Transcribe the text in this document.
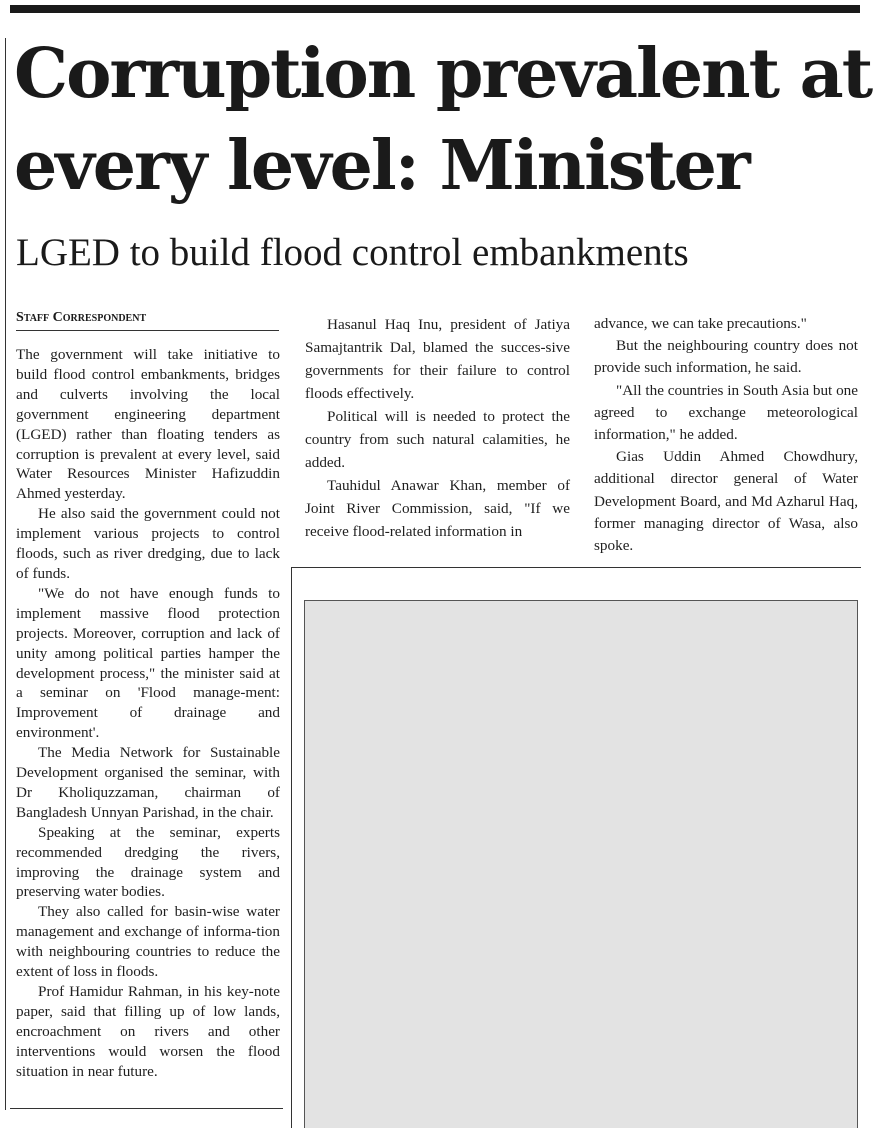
Corruption prevalent at every level: Minister
LGED to build flood control embankments
Staff Correspondent

The government will take initiative to build flood control embankments, bridges and culverts involving the local government engineering department (LGED) rather than floating tenders as corruption is prevalent at every level, said Water Resources Minister Hafizuddin Ahmed yesterday.

He also said the government could not implement various projects to control floods, such as river dredging, due to lack of funds.

"We do not have enough funds to implement massive flood protection projects. Moreover, corruption and lack of unity among political parties hamper the development process," the minister said at a seminar on 'Flood manage-ment: Improvement of drainage and environment'.

The Media Network for Sustainable Development organised the seminar, with Dr Kholiquzzaman, chairman of Bangladesh Unnyan Parishad, in the chair.

Speaking at the seminar, experts recommended dredging the rivers, improving the drainage system and preserving water bodies.

They also called for basin-wise water management and exchange of informa-tion with neighbouring countries to reduce the extent of loss in floods.

Prof Hamidur Rahman, in his key-note paper, said that filling up of low lands, encroachment on rivers and other interventions would worsen the flood situation in near future.

Hasanul Haq Inu, president of Jatiya Samajtantrik Dal, blamed the succes-sive governments for their failure to control floods effectively.

Political will is needed to protect the country from such natural calamities, he added.

Tauhidul Anawar Khan, member of Joint River Commission, said, "If we receive flood-related information in

advance, we can take precautions."

But the neighbouring country does not provide such information, he said.

"All the countries in South Asia but one agreed to exchange meteorological information," he added.

Gias Uddin Ahmed Chowdhury, additional director general of Water Development Board, and Md Azharul Haq, former managing director of Wasa, also spoke.
